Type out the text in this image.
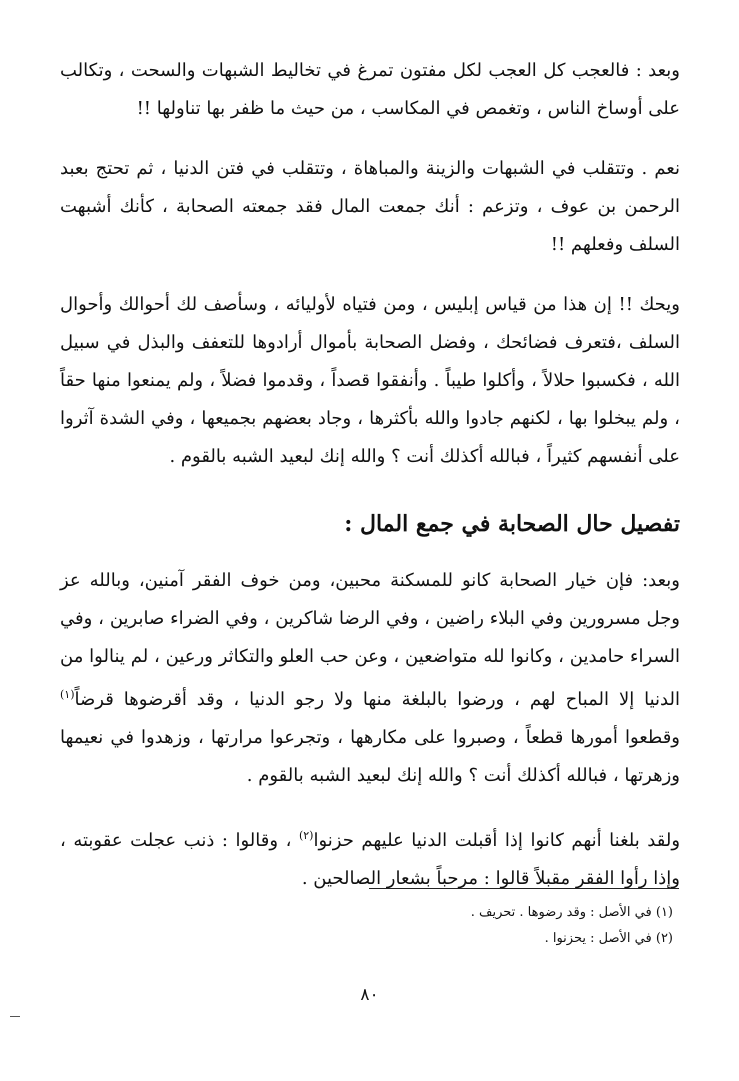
وبعد : فالعجب كل العجب لكل مفتون تمرغ في تخاليط الشبهات والسحت ، وتكالب على أوساخ الناس ، وتغمص في المكاسب ، من حيث ما ظفر بها تناولها !!

نعم . وتتقلب في الشبهات والزينة والمباهاة ، وتتقلب في فتن الدنيا ، ثم تحتج بعبد الرحمن بن عوف ، وتزعم : أنك جمعت المال فقد جمعته الصحابة ، كأنك أشبهت السلف وفعلهم !!

ويحك !! إن هذا من قياس إبليس ، ومن فتياه لأوليائه ، وسأصف لك أحوالك وأحوال السلف ،فتعرف فضائحك ، وفضل الصحابة بأموال أرادوها للتعفف والبذل في سبيل الله ، فكسبوا حلالاً ، وأكلوا طيباً . وأنفقوا قصداً ، وقدموا فضلاً ، ولم يمنعوا منها حقاً ، ولم يبخلوا بها ، لكنهم جادوا والله بأكثرها ، وجاد بعضهم بجميعها ، وفي الشدة آثروا على أنفسهم كثيراً ، فبالله أكذلك أنت ؟ والله إنك لبعيد الشبه بالقوم .

تفصيل حال الصحابة في جمع المال :

وبعد: فإن خيار الصحابة كانو للمسكنة محبين، ومن خوف الفقر آمنين، وبالله عز وجل مسرورين وفي البلاء راضين ، وفي الرضا شاكرين ، وفي الضراء صابرين ، وفي السراء حامدين ، وكانوا لله متواضعين ، وعن حب العلو والتكاثر ورعين ، لم ينالوا من الدنيا إلا المباح لهم ، ورضوا بالبلغة منها ولا رجو الدنيا ، وقد أقرضوها قرضاً$^{(١)}$ وقطعوا أمورها قطعاً ، وصبروا على مكارهها ، وتجرعوا مرارتها ، وزهدوا في نعيمها وزهرتها ، فبالله أكذلك أنت ؟ والله إنك لبعيد الشبه بالقوم .

ولقد بلغنا أنهم كانوا إذا أقبلت الدنيا عليهم حزنوا$^{(٢)}$ ، وقالوا : ذنب عجلت عقوبته ، وإذا رأوا الفقر مقبلاً قالوا : مرحباً بشعار الصالحين .

(١) في الأصل : وقد رضوها . تحريف .
(٢) في الأصل : يحزنوا .
٨٠
